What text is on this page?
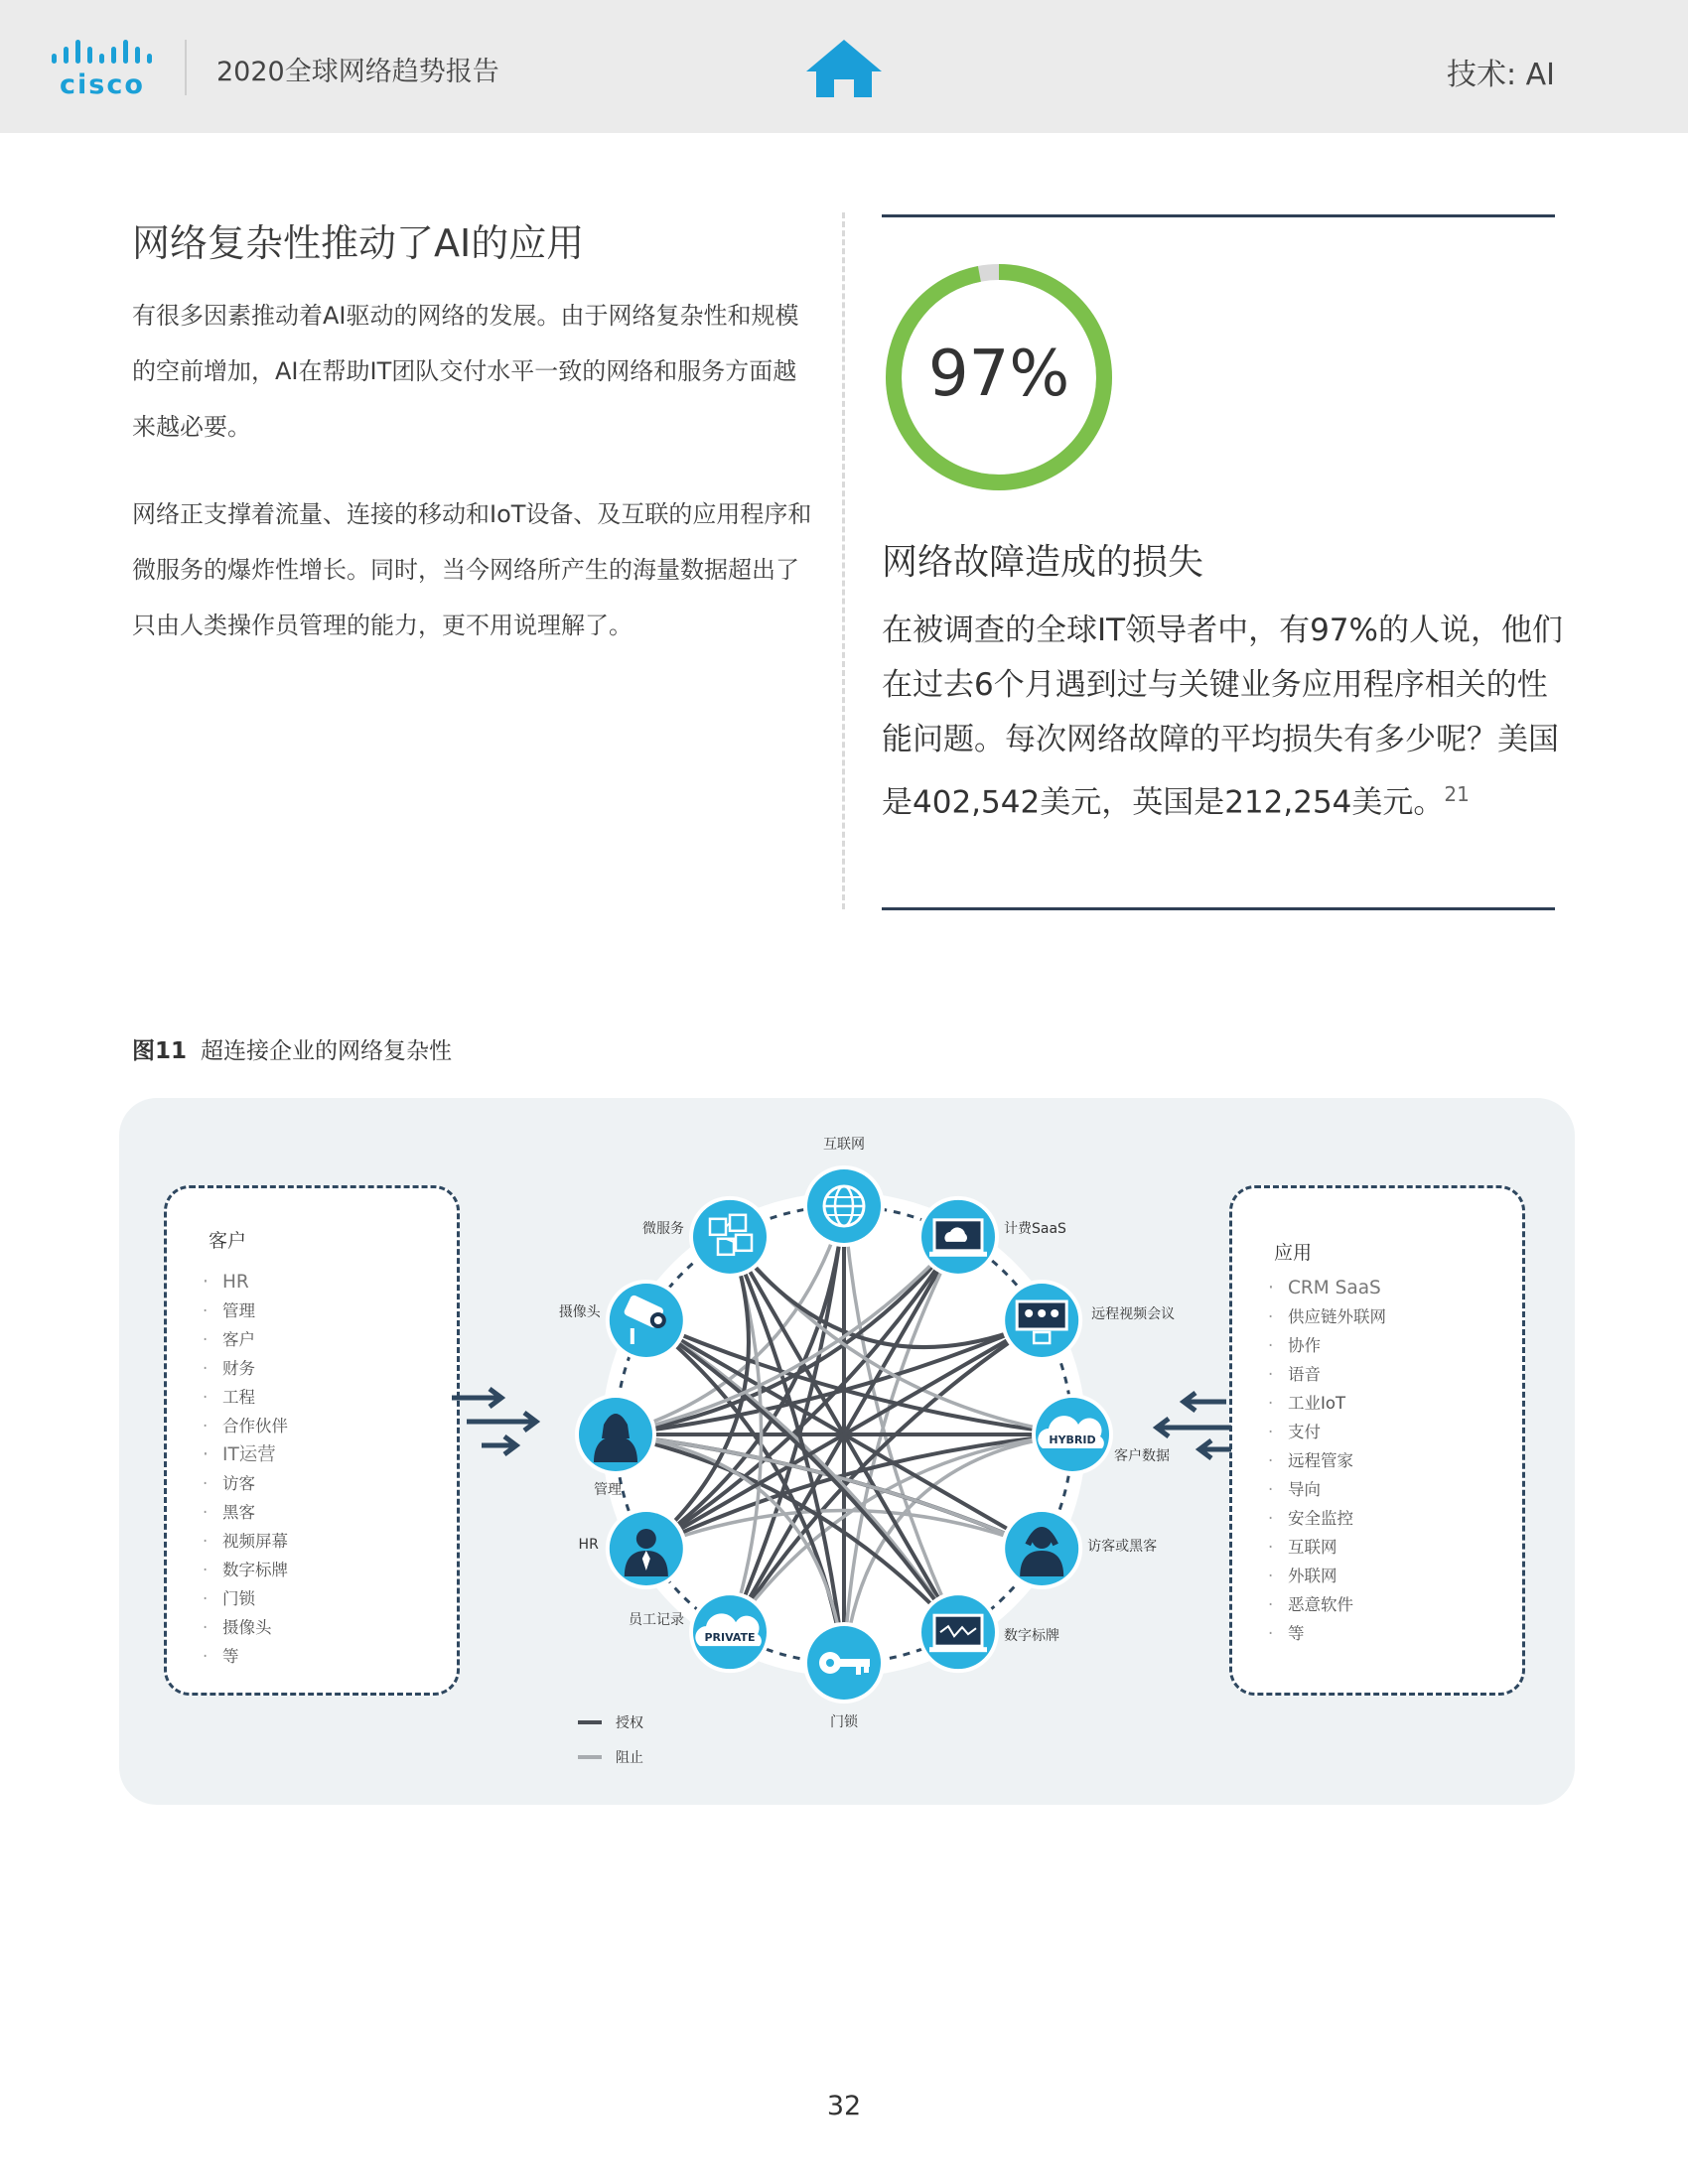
cisco	2020全球网络趋势报告	技术: AI
网络复杂性推动了AI的应用
有很多因素推动着AI驱动的网络的发展。由于网络复杂性和规模的空前增加，AI在帮助IT团队交付水平一致的网络和服务方面越来越必要。
网络正支撑着流量、连接的移动和IoT设备、及互联的应用程序和微服务的爆炸性增长。同时，当今网络所产生的海量数据超出了只由人类操作员管理的能力，更不用说理解了。
97%
网络故障造成的损失
在被调查的全球IT领导者中，有97%的人说，他们在过去6个月遇到过与关键业务应用程序相关的性能问题。每次网络故障的平均损失有多少呢？美国是402,542美元，英国是212,254美元。$^{21}$
图11 超连接企业的网络复杂性
客户
· HR
· 管理
· 客户
· 财务
· 工程
· 合作伙伴
· IT运营
· 访客
· 黑客
· 视频屏幕
· 数字标牌
· 门锁
· 摄像头
· 等
应用
· CRM SaaS
· 供应链外联网
· 协作
· 语音
· 工业IoT
· 支付
· 远程管家
· 导向
· 安全监控
· 互联网
· 外联网
· 恶意软件
· 等
互联网
计费SaaS
远程视频会议
HYBRID
客户数据
访客或黑客
数字标牌
门锁
PRIVATE
员工记录
HR
管理
摄像头
微服务
授权
阻止
32
